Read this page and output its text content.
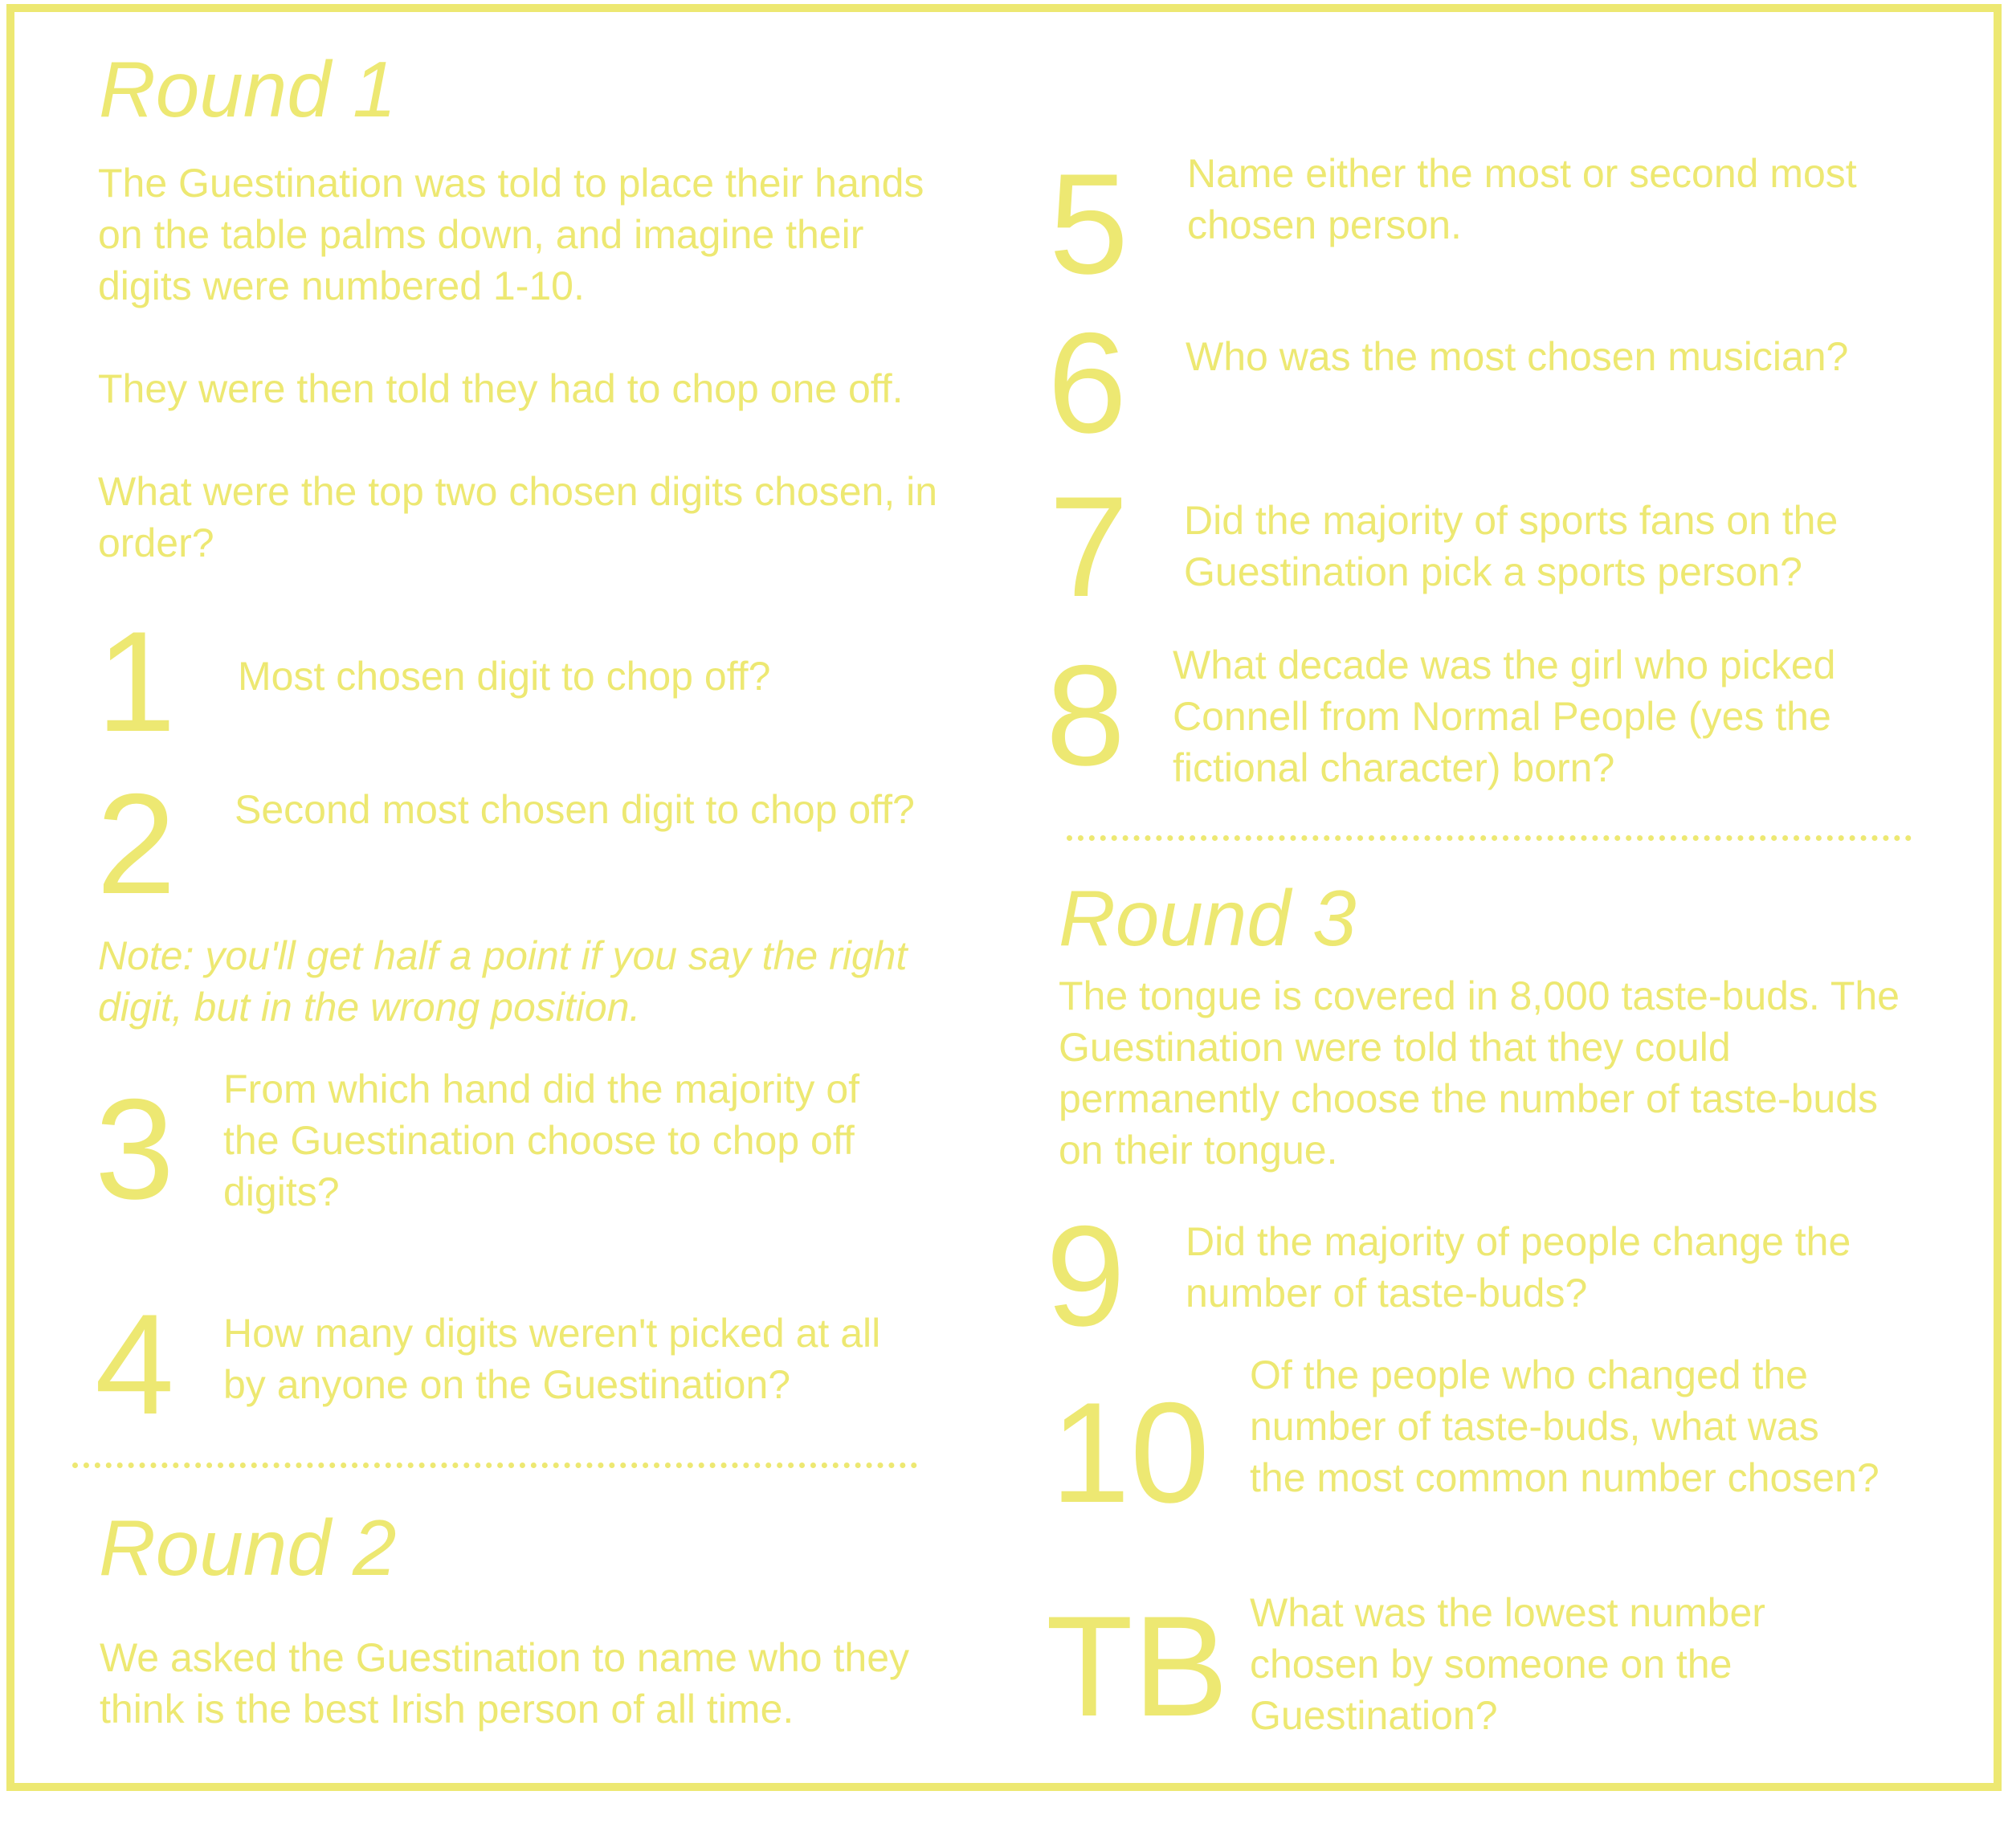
Round 1
The Guestination was told to place their hands
on the table palms down, and imagine their
digits were numbered 1-10.
They were then told they had to chop one off.
What were the top two chosen digits chosen, in
order?
1 Most chosen digit to chop off?
2 Second most chosen digit to chop off?
Note: you'll get half a point if you say the right
digit, but in the wrong position.
3 From which hand did the majority of
the Guestination choose to chop off
digits?
4 How many digits weren't picked at all
by anyone on the Guestination?
Round 2
We asked the Guestination to name who they
think is the best Irish person of all time.
5 Name either the most or second most
chosen person.
6 Who was the most chosen musician?
7 Did the majority of sports fans on the
Guestination pick a sports person?
8 What decade was the girl who picked
Connell from Normal People (yes the
fictional character) born?
Round 3
The tongue is covered in 8,000 taste-buds. The
Guestination were told that they could
permanently choose the number of taste-buds
on their tongue.
9 Did the majority of people change the
number of taste-buds?
10 Of the people who changed the
number of taste-buds, what was
the most common number chosen?
TB What was the lowest number
chosen by someone on the
Guestination?
